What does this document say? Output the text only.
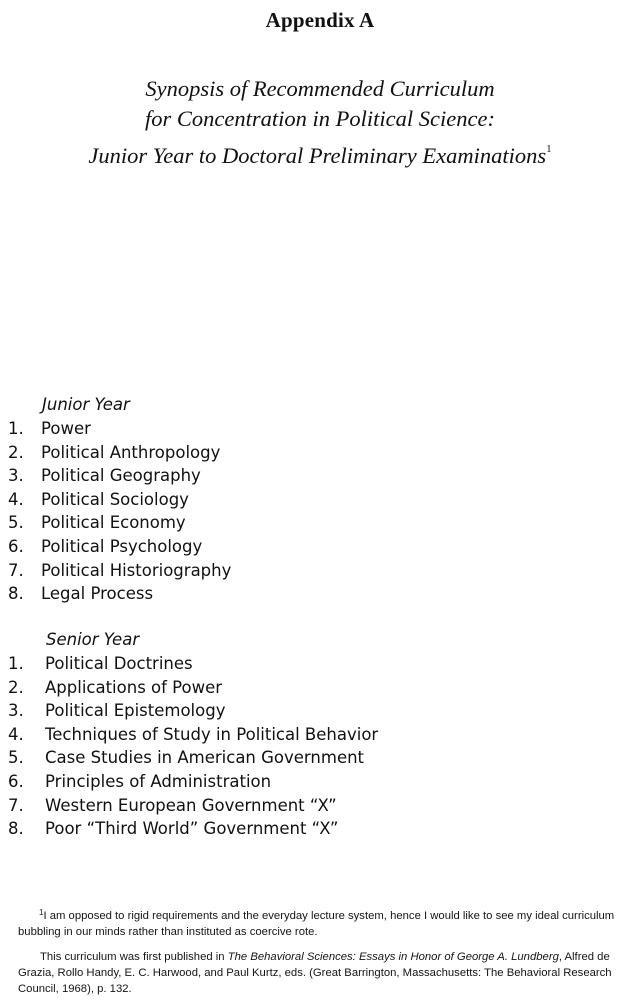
Appendix A
Synopsis of Recommended Curriculum
for Concentration in Political Science:
Junior Year to Doctoral Preliminary Examinations$^1$
Junior Year
1. Power
2. Political Anthropology
3. Political Geography
4. Political Sociology
5. Political Economy
6. Political Psychology
7. Political Historiography
8. Legal Process
Senior Year
1. Political Doctrines
2. Applications of Power
3. Political Epistemology
4. Techniques of Study in Political Behavior
5. Case Studies in American Government
6. Principles of Administration
7. Western European Government “X”
8. Poor “Third World” Government “X”
$^1$I am opposed to rigid requirements and the everyday lecture system, hence I would like to see my ideal curriculum bubbling in our minds rather than instituted as coercive rote.
This curriculum was first published in The Behavioral Sciences: Essays in Honor of George A. Lundberg, Alfred de Grazia, Rollo Handy, E. C. Harwood, and Paul Kurtz, eds. (Great Barrington, Massachusetts: The Behavioral Research Council, 1968), p. 132.
